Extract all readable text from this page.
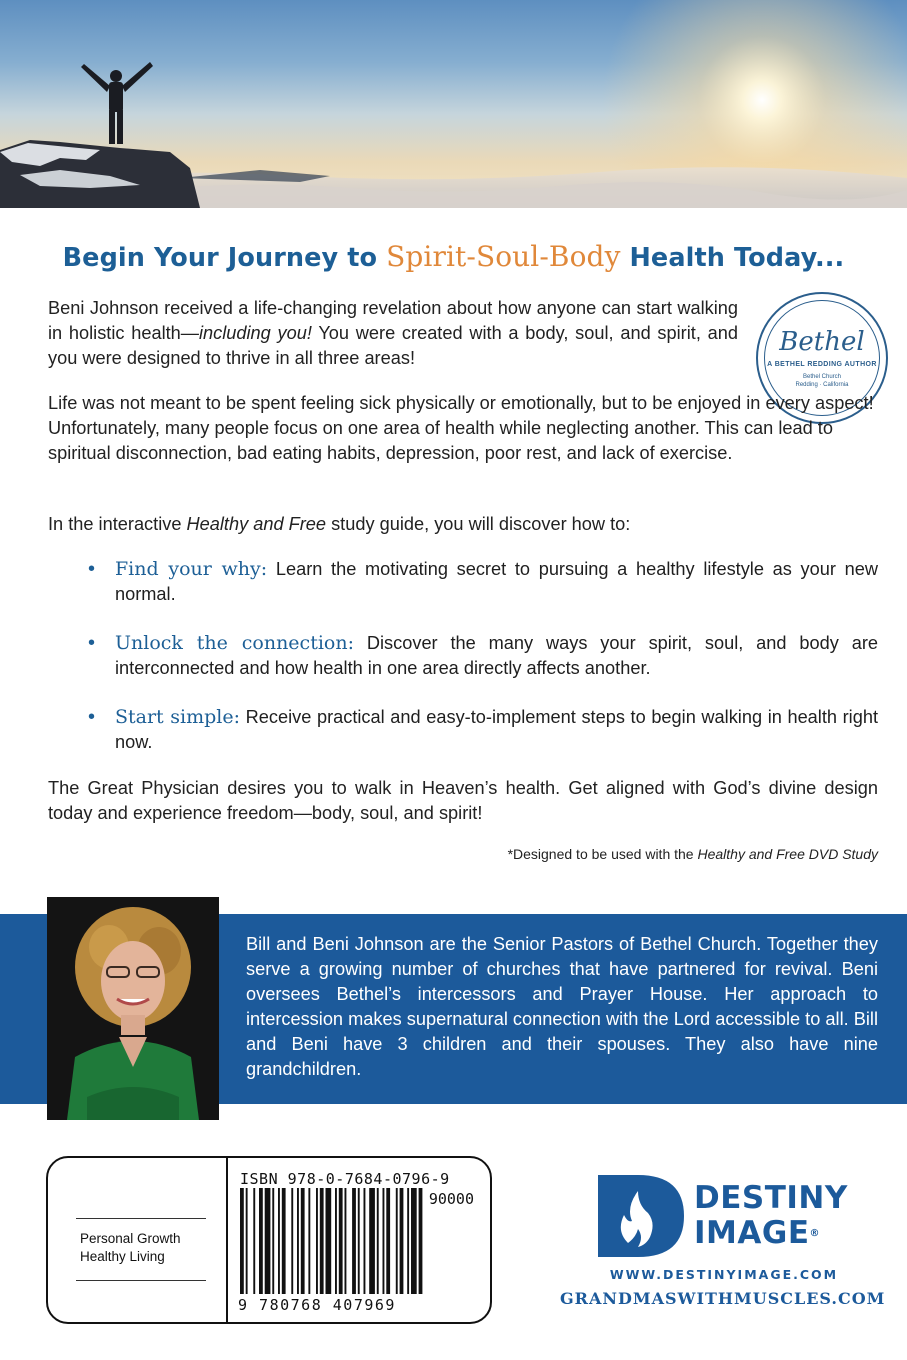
Begin Your Journey to Spirit-Soul-Body Health Today...
Bethel
A BETHEL REDDING AUTHOR
Bethel Church
Redding · California

Beni Johnson received a life-changing revelation about how anyone can start walking in holistic health—including you! You were created with a body, soul, and spirit, and you were designed to thrive in all three areas!

Life was not meant to be spent feeling sick physically or emotionally, but to be enjoyed in every aspect! Unfortunately, many people focus on one area of health while neglecting another. This can lead to spiritual disconnection, bad eating habits, depression, poor rest, and lack of exercise.

In the interactive Healthy and Free study guide, you will discover how to:

• Find your why: Learn the motivating secret to pursuing a healthy lifestyle as your new normal.
• Unlock the connection: Discover the many ways your spirit, soul, and body are interconnected and how health in one area directly affects another.
• Start simple: Receive practical and easy-to-implement steps to begin walking in health right now.

The Great Physician desires you to walk in Heaven’s health. Get aligned with God’s divine design today and experience freedom—body, soul, and spirit!

*Designed to be used with the Healthy and Free DVD Study

Bill and Beni Johnson are the Senior Pastors of Bethel Church. Together they serve a growing number of churches that have partnered for revival. Beni oversees Bethel’s intercessors and Prayer House. Her approach to intercession makes supernatural connection with the Lord accessible to all. Bill and Beni have 3 children and their spouses. They also have nine grandchildren.

Personal Growth
Healthy Living
ISBN 978-0-7684-0796-9
90000
9 780768 407969
DESTINY
IMAGE®
WWW.DESTINYIMAGE.COM
GRANDMASWITHMUSCLES.COM
